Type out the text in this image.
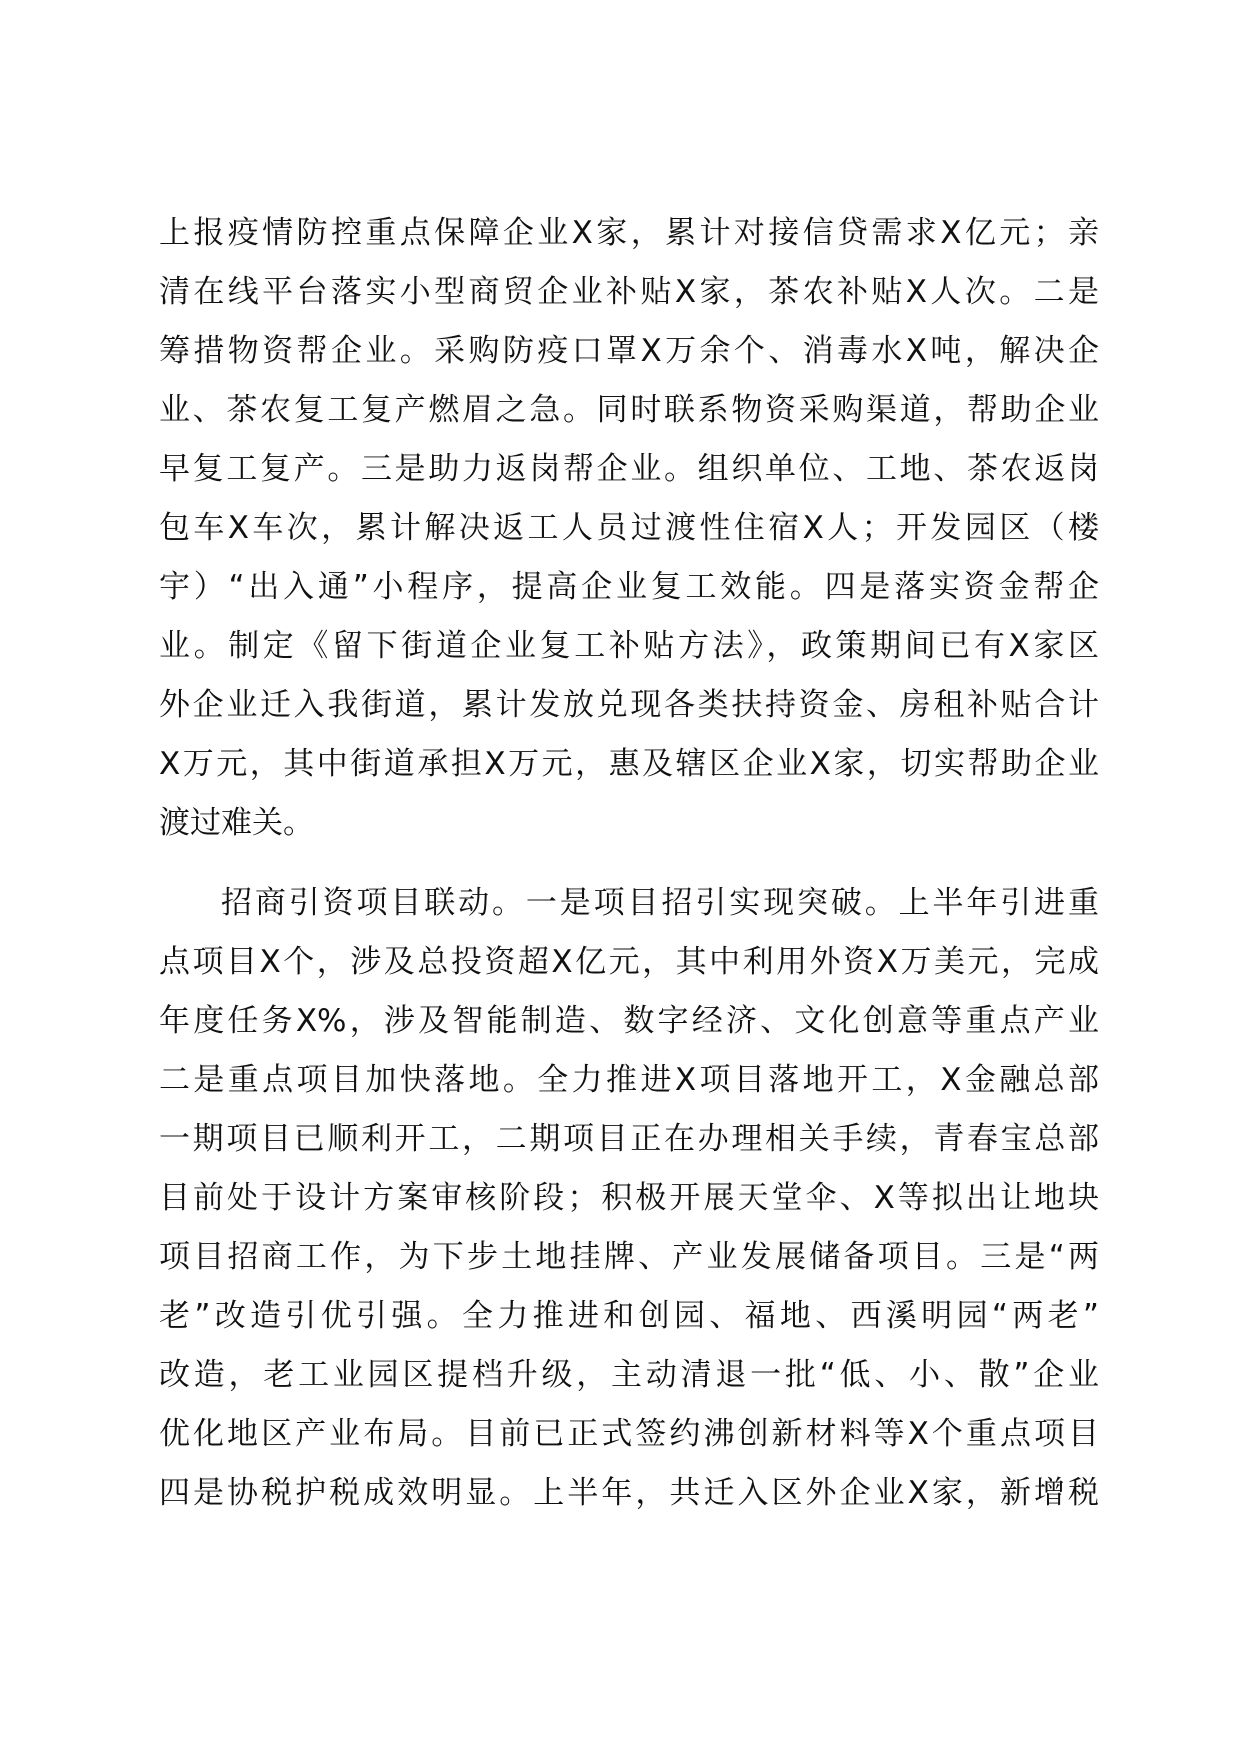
上报疫情防控重点保障企业X家，累计对接信贷需求X亿元；亲
清在线平台落实小型商贸企业补贴X家，茶农补贴X人次。二是
筹措物资帮企业。采购防疫口罩X万余个、消毒水X吨，解决企
业、茶农复工复产燃眉之急。同时联系物资采购渠道，帮助企业
早复工复产。三是助力返岗帮企业。组织单位、工地、茶农返岗
包车X车次，累计解决返工人员过渡性住宿X人；开发园区（楼
宇）“出入通”小程序，提高企业复工效能。四是落实资金帮企
业。制定《留下街道企业复工补贴方法》，政策期间已有X家区
外企业迁入我街道，累计发放兑现各类扶持资金、房租补贴合计
X万元，其中街道承担X万元，惠及辖区企业X家，切实帮助企业
渡过难关。
招商引资项目联动。一是项目招引实现突破。上半年引进重
点项目X个，涉及总投资超X亿元，其中利用外资X万美元，完成
年度任务X%，涉及智能制造、数字经济、文化创意等重点产业
二是重点项目加快落地。全力推进X项目落地开工，X金融总部
一期项目已顺利开工，二期项目正在办理相关手续，青春宝总部
目前处于设计方案审核阶段；积极开展天堂伞、X等拟出让地块
项目招商工作，为下步土地挂牌、产业发展储备项目。三是“两
老”改造引优引强。全力推进和创园、福地、西溪明园“两老”
改造，老工业园区提档升级，主动清退一批“低、小、散”企业
优化地区产业布局。目前已正式签约沸创新材料等X个重点项目
四是协税护税成效明显。上半年，共迁入区外企业X家，新增税
